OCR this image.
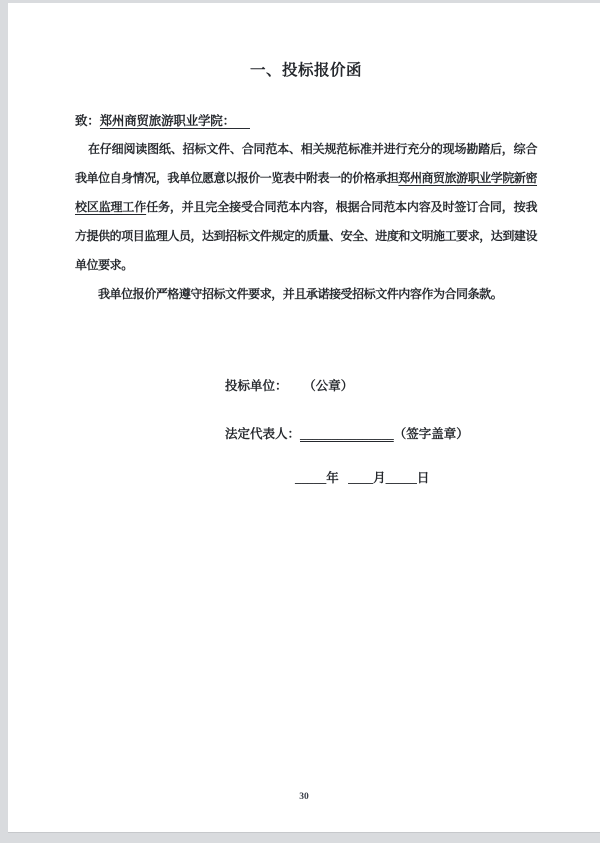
一、投标报价函

致：郑州商贸旅游职业学院：

在仔细阅读图纸、招标文件、合同范本、相关规范标准并进行充分的现场勘踏后，综合我单位自身情况，我单位愿意以报价一览表中附表一的价格承担郑州商贸旅游职业学院新密校区监理工作任务，并且完全接受合同范本内容，根据合同范本内容及时签订合同，按我方提供的项目监理人员，达到招标文件规定的质量、安全、进度和文明施工要求，达到建设单位要求。

我单位报价严格遵守招标文件要求，并且承诺接受招标文件内容作为合同条款。

投标单位： （公章）

法定代表人：_______________（签字盖章）

_____年   ____月_____日

30
